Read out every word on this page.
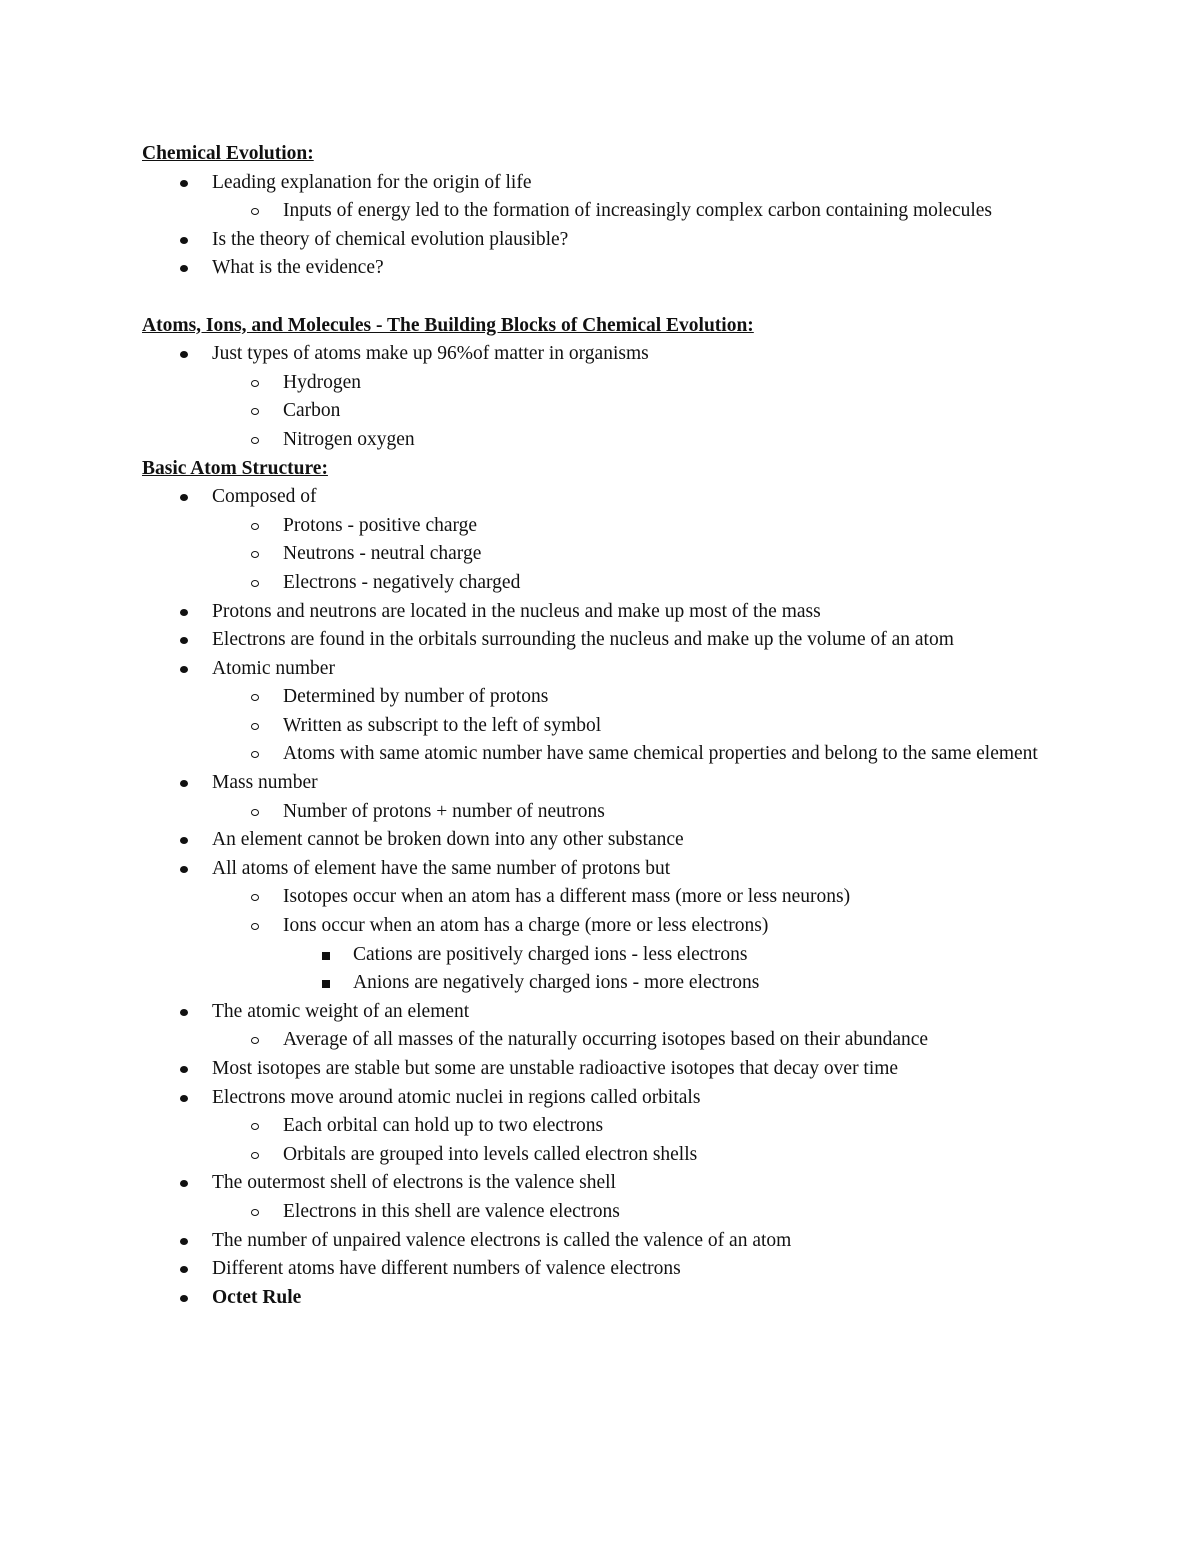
Chemical Evolution:
Leading explanation for the origin of life
Inputs of energy led to the formation of increasingly complex carbon containing molecules
Is the theory of chemical evolution plausible?
What is the evidence?
Atoms, Ions, and Molecules - The Building Blocks of Chemical Evolution:
Just types of atoms make up 96%of matter in organisms
Hydrogen
Carbon
Nitrogen oxygen
Basic Atom Structure:
Composed of
Protons - positive charge
Neutrons - neutral charge
Electrons - negatively charged
Protons and neutrons are located in the nucleus and make up most of the mass
Electrons are found in the orbitals surrounding the nucleus and make up the volume of an atom
Atomic number
Determined by number of protons
Written as subscript to the left of symbol
Atoms with same atomic number have same chemical properties and belong to the same element
Mass number
Number of protons + number of neutrons
An element cannot be broken down into any other substance
All atoms of element have the same number of protons but
Isotopes occur when an atom has a different mass (more or less neurons)
Ions occur when an atom has a charge (more or less electrons)
Cations are positively charged ions - less electrons
Anions are negatively charged ions - more electrons
The atomic weight of an element
Average of all masses of the naturally occurring isotopes based on their abundance
Most isotopes are stable but some are unstable radioactive isotopes that decay over time
Electrons move around atomic nuclei in regions called orbitals
Each orbital can hold up to two electrons
Orbitals are grouped into levels called electron shells
The outermost shell of electrons is the valence shell
Electrons in this shell are valence electrons
The number of unpaired valence electrons is called the valence of an atom
Different atoms have different numbers of valence electrons
Octet Rule
